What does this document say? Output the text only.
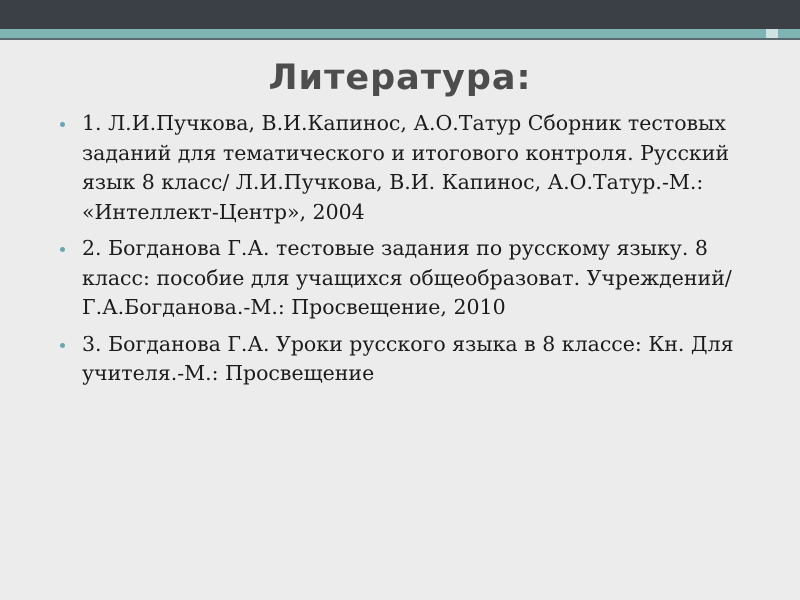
Литература:
1. Л.И.Пучкова, В.И.Капинос, А.О.Татур Сборник тестовых заданий для тематического и итогового контроля. Русский язык 8 класс/ Л.И.Пучкова, В.И. Капинос, А.О.Татур.-М.: «Интеллект-Центр», 2004
2. Богданова Г.А. тестовые задания по русскому языку. 8 класс: пособие для учащихся общеобразоват. Учреждений/Г.А.Богданова.-М.: Просвещение, 2010
3. Богданова Г.А. Уроки русского языка в 8 классе: Кн. Для учителя.-М.: Просвещение
